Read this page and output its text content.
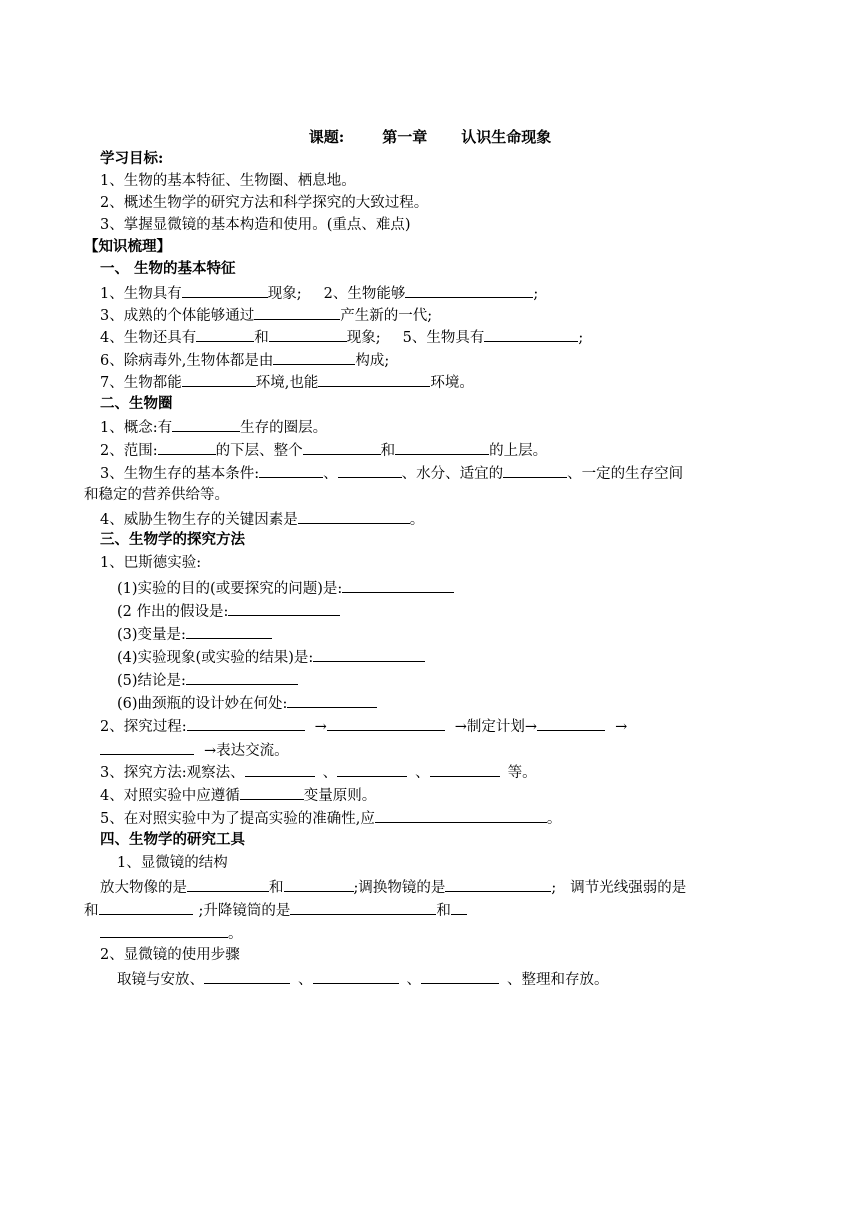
课题:	第一章 认识生命现象
学习目标:
1、生物的基本特征、生物圈、栖息地。
2、概述生物学的研究方法和科学探究的大致过程。
3、掌握显微镜的基本构造和使用。(重点、难点)
【知识梳理】
一、 生物的基本特征
1、生物具有	现象; 2、生物能够	;
3、成熟的个体能够通过	产生新的一代;
4、生物还具有	和	现象; 5、生物具有	;
6、除病毒外,生物体都是由	构成;
7、生物都能	环境,也能	环境。
二、生物圈
1、概念:有	生存的圈层。
2、范围:	的下层、整个	和	的上层。
3、生物生存的基本条件:	、	、水分、适宜的	、一定的生存空间
和稳定的营养供给等。
4、威胁生物生存的关键因素是	。
三、生物学的探究方法
1、巴斯德实验:
(1)实验的目的(或要探究的问题)是:
(2 作出的假设是:
(3)变量是:
(4)实验现象(或实验的结果)是:
(5)结论是:
(6)曲颈瓶的设计妙在何处:
2、探究过程:	→	→制定计划→	→
→表达交流。
3、探究方法:观察法、	、	、	等。
4、对照实验中应遵循	变量原则。
5、在对照实验中为了提高实验的准确性,应	。
四、生物学的研究工具
1、显微镜的结构
放大物像的是	和	;调换物镜的是	; 调节光线强弱的是
和	;升降镜筒的是	和
。
2、显微镜的使用步骤
取镜与安放、	、	、	、整理和存放。
